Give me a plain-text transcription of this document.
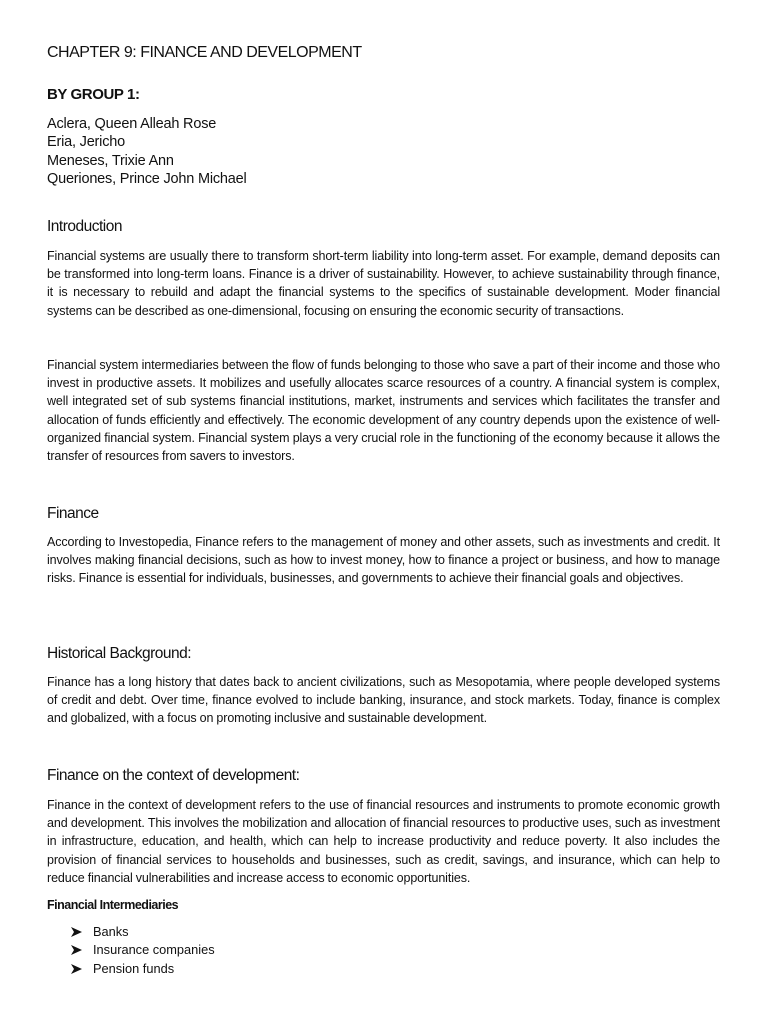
CHAPTER 9: FINANCE AND DEVELOPMENT
BY GROUP 1:
Aclera, Queen Alleah Rose
Eria, Jericho
Meneses, Trixie Ann
Queriones, Prince John Michael
Introduction

Financial systems are usually there to transform short-term liability into long-term asset. For example, demand deposits can be transformed into long-term loans. Finance is a driver of sustainability. However, to achieve sustainability through finance, it is necessary to rebuild and adapt the financial systems to the specifics of sustainable development. Moder financial systems can be described as one-dimensional, focusing on ensuring the economic security of transactions.

Financial system intermediaries between the flow of funds belonging to those who save a part of their income and those who invest in productive assets. It mobilizes and usefully allocates scarce resources of a country. A financial system is complex, well integrated set of sub systems financial institutions, market, instruments and services which facilitates the transfer and allocation of funds efficiently and effectively. The economic development of any country depends upon the existence of well-organized financial system. Financial system plays a very crucial role in the functioning of the economy because it allows the transfer of resources from savers to investors.

Finance

According to Investopedia, Finance refers to the management of money and other assets, such as investments and credit. It involves making financial decisions, such as how to invest money, how to finance a project or business, and how to manage risks. Finance is essential for individuals, businesses, and governments to achieve their financial goals and objectives.

Historical Background:

Finance has a long history that dates back to ancient civilizations, such as Mesopotamia, where people developed systems of credit and debt. Over time, finance evolved to include banking, insurance, and stock markets. Today, finance is complex and globalized, with a focus on promoting inclusive and sustainable development.

Finance on the context of development:

Finance in the context of development refers to the use of financial resources and instruments to promote economic growth and development. This involves the mobilization and allocation of financial resources to productive uses, such as investment in infrastructure, education, and health, which can help to increase productivity and reduce poverty. It also includes the provision of financial services to households and businesses, such as credit, savings, and insurance, which can help to reduce financial vulnerabilities and increase access to economic opportunities.

Financial Intermediaries
Banks
Insurance companies
Pension funds
